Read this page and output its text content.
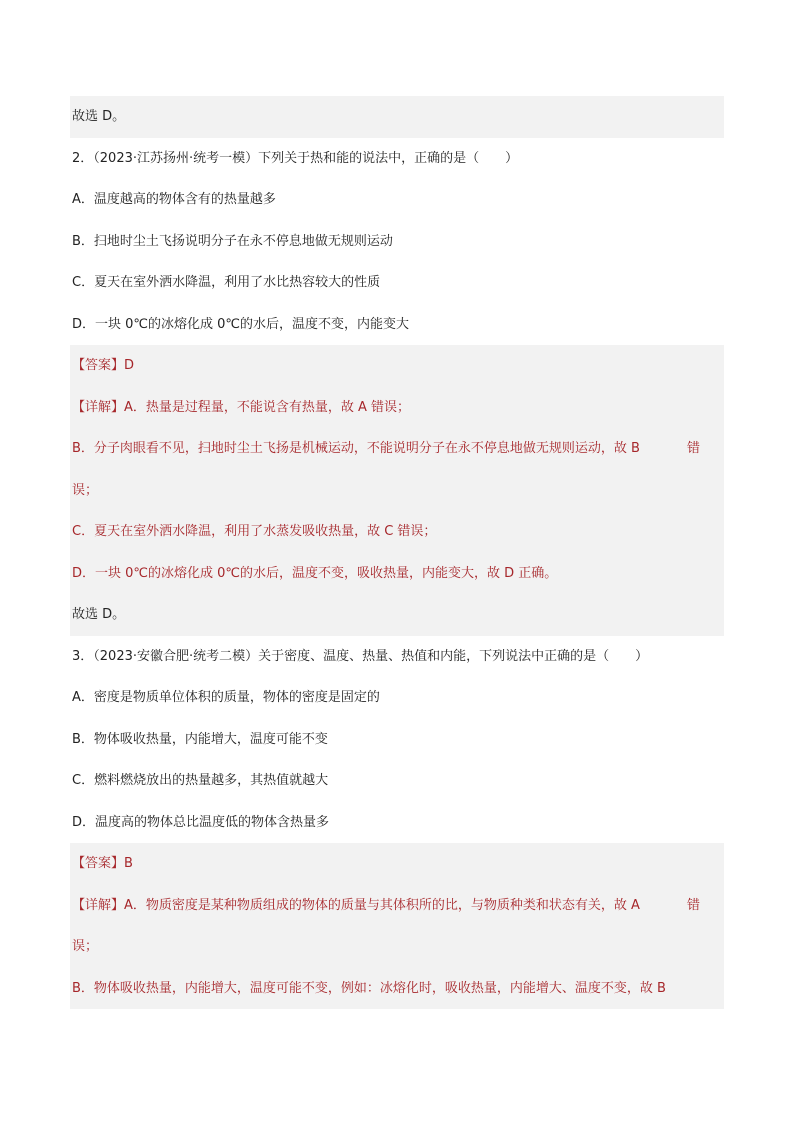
故选 D。
2．（2023·江苏扬州·统考一模）下列关于热和能的说法中，正确的是（　　）
A．温度越高的物体含有的热量越多
B．扫地时尘土飞扬说明分子在永不停息地做无规则运动
C．夏天在室外洒水降温，利用了水比热容较大的性质
D．一块 0℃的冰熔化成 0℃的水后，温度不变，内能变大
【答案】D
【详解】A．热量是过程量，不能说含有热量，故 A 错误；
B．分子肉眼看不见，扫地时尘土飞扬是机械运动，不能说明分子在永不停息地做无规则运动，故 B	错
误；
C．夏天在室外洒水降温，利用了水蒸发吸收热量，故 C 错误；
D．一块 0℃的冰熔化成 0℃的水后，温度不变，吸收热量，内能变大，故 D 正确。
故选 D。
3．（2023·安徽合肥·统考二模）关于密度、温度、热量、热值和内能，下列说法中正确的是（　　）
A．密度是物质单位体积的质量，物体的密度是固定的
B．物体吸收热量，内能增大，温度可能不变
C．燃料燃烧放出的热量越多，其热值就越大
D．温度高的物体总比温度低的物体含热量多
【答案】B
【详解】A．物质密度是某种物质组成的物体的质量与其体积所的比，与物质种类和状态有关，故 A	错
误；
B．物体吸收热量，内能增大，温度可能不变，例如：冰熔化时，吸收热量，内能增大、温度不变，故 B
